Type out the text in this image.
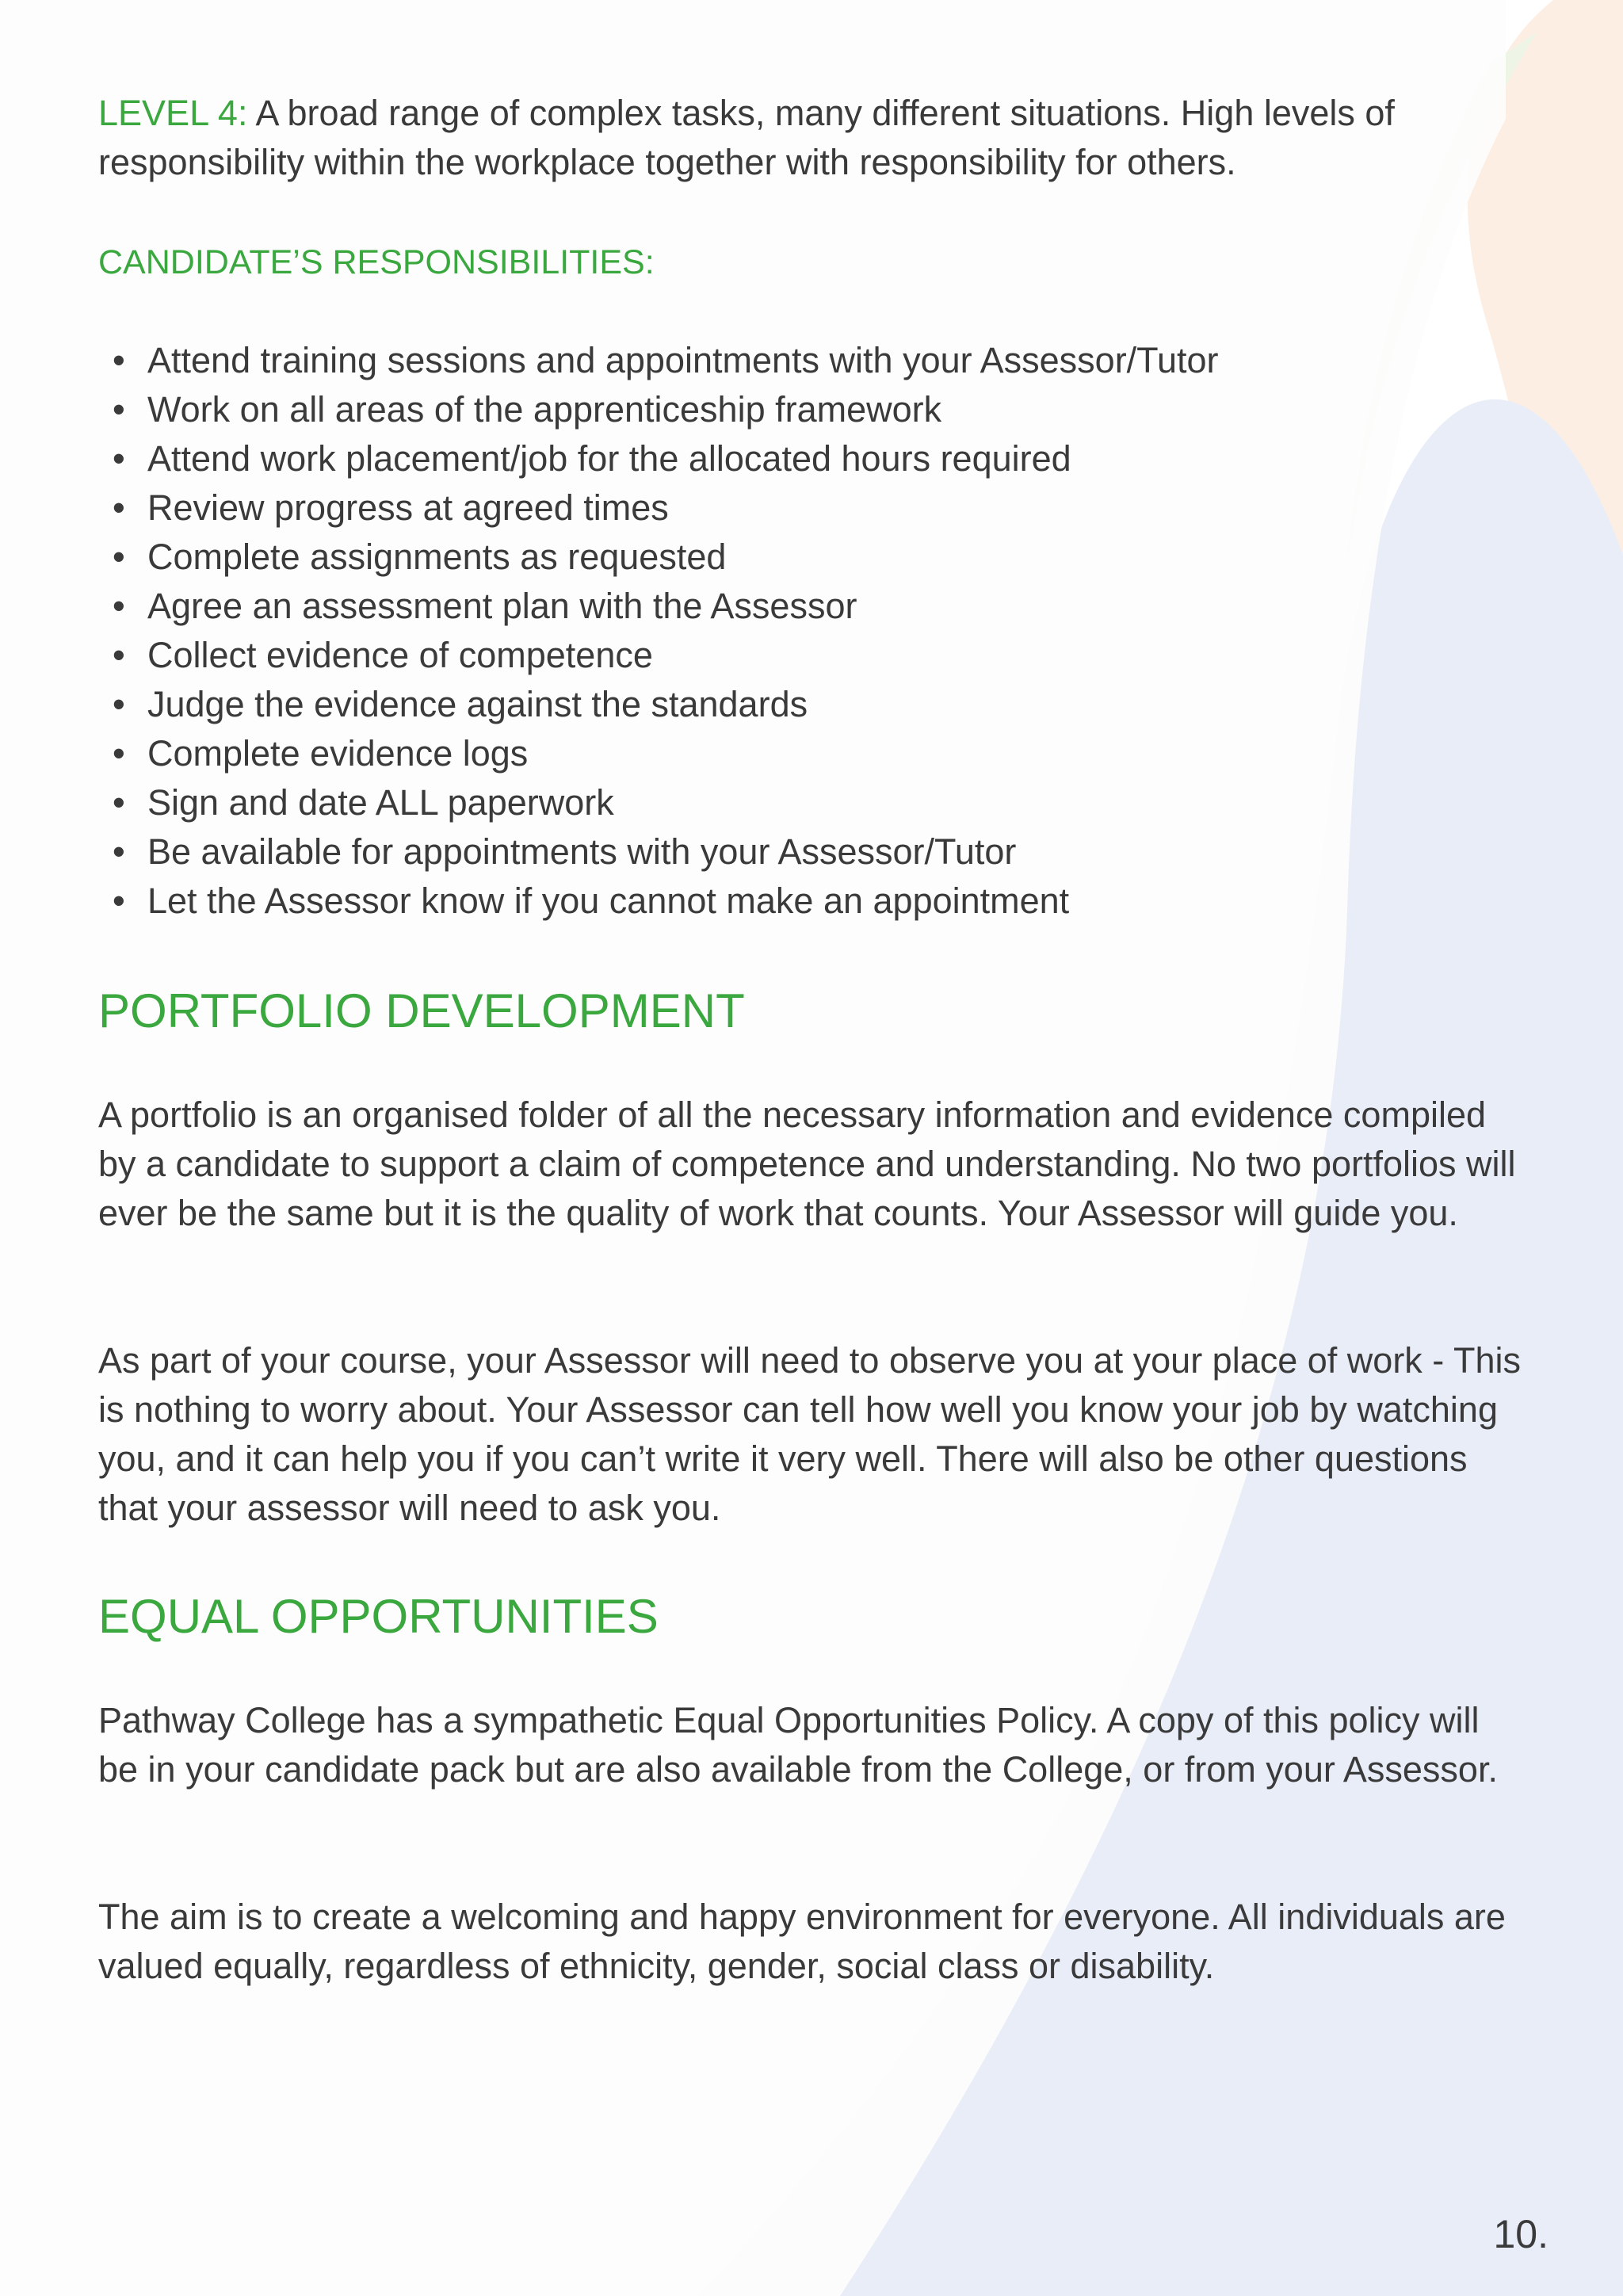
LEVEL 4: A broad range of complex tasks, many different situations. High levels of responsibility within the workplace together with responsibility for others.

CANDIDATE’S RESPONSIBILITIES:
• Attend training sessions and appointments with your Assessor/Tutor
• Work on all areas of the apprenticeship framework
• Attend work placement/job for the allocated hours required
• Review progress at agreed times
• Complete assignments as requested
• Agree an assessment plan with the Assessor
• Collect evidence of competence
• Judge the evidence against the standards
• Complete evidence logs
• Sign and date ALL paperwork
• Be available for appointments with your Assessor/Tutor
• Let the Assessor know if you cannot make an appointment
PORTFOLIO DEVELOPMENT

A portfolio is an organised folder of all the necessary information and evidence compiled by a candidate to support a claim of competence and understanding. No two portfolios will ever be the same but it is the quality of work that counts. Your Assessor will guide you.

As part of your course, your Assessor will need to observe you at your place of work - This is nothing to worry about. Your Assessor can tell how well you know your job by watching you, and it can help you if you can’t write it very well. There will also be other questions that your assessor will need to ask you.

EQUAL OPPORTUNITIES

Pathway College has a sympathetic Equal Opportunities Policy. A copy of this policy will be in your candidate pack but are also available from the College, or from your Assessor.

The aim is to create a welcoming and happy environment for everyone. All individuals are valued equally, regardless of ethnicity, gender, social class or disability.

10.
